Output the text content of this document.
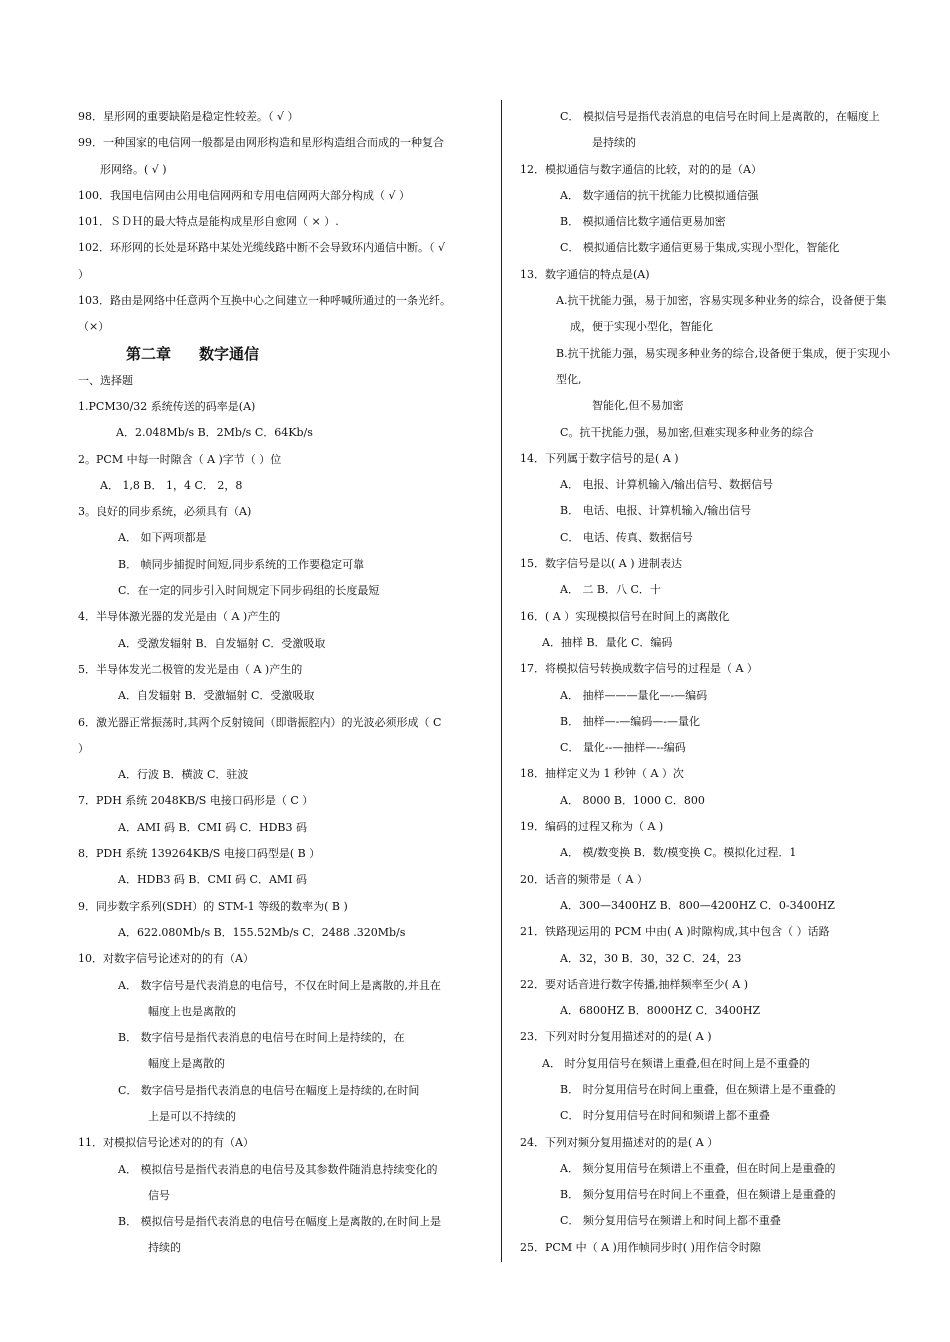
98．星形网的重要缺陷是稳定性较差。（ √ ）
99．一种国家的电信网一般都是由网形构造和星形构造组合而成的一种复合
形网络。( √ )
100．我国电信网由公用电信网两和专用电信网两大部分构成（ √ ）
101．ＳＤＨ的最大特点是能构成星形自愈网（ × ）.
102．环形网的长处是环路中某处光缆线路中断不会导致环内通信中断。（ √
）
103．路由是网络中任意两个互换中心之间建立一种呼喊所通过的一条光纤。
（×）
第二章 数字通信
一、选择题
1.PCM30/32 系统传送的码率是(A)
A．2.048Mb/s B．2Mb/s C．64Kb/s
2。PCM 中每一时隙含（ A )字节（ ）位
A． 1,8 B． 1，4 C． 2，8
3。良好的同步系统，必须具有（A)
A． 如下两项都是
B． 帧同步捕捉时间短,同步系统的工作要稳定可靠
C．在一定的同步引入时间规定下同步码组的长度最短
4．半导体激光器的发光是由（ A )产生的
A．受激发辐射 B．自发辐射 C．受激吸取
5．半导体发光二极管的发光是由（ A )产生的
A．自发辐射 B．受激辐射 C．受激吸取
6．激光器正常振荡时,其两个反射镜间（即谐振腔内）的光波必须形成（ C
）
A．行波 B．横波 C．驻波
7．PDH 系统 2048KB/S 电接口码形是（ C ）
A．AMI 码 B．CMI 码 C．HDB3 码
8．PDH 系统 139264KB/S 电接口码型是( B ）
A．HDB3 码 B．CMI 码 C．AMI 码
9．同步数字系列(SDH）的 STM-1 等级的数率为( B )
A．622.080Mb/s B．155.52Mb/s C．2488 .320Mb/s
10．对数字信号论述对的的有（A）
A． 数字信号是代表消息的电信号，不仅在时间上是离散的,并且在
幅度上也是离散的
B． 数字信号是指代表消息的电信号在时间上是持续的，在
幅度上是离散的
C． 数字信号是指代表消息的电信号在幅度上是持续的,在时间
上是可以不持续的
11．对模拟信号论述对的的有（A）
A． 模拟信号是指代表消息的电信号及其参数件随消息持续变化的
信号
B． 模拟信号是指代表消息的电信号在幅度上是离散的,在时间上是
持续的
C． 模拟信号是指代表消息的电信号在时间上是离散的，在幅度上
是持续的
12．模拟通信与数字通信的比较，对的的是（A）
A． 数字通信的抗干扰能力比模拟通信强
B． 模拟通信比数字通信更易加密
C． 模拟通信比数字通信更易于集成,实现小型化，智能化
13．数字通信的特点是(A)
A.抗干扰能力强，易于加密，容易实现多种业务的综合，设备便于集
成，便于实现小型化，智能化
B.抗干扰能力强，易实现多种业务的综合,设备便于集成，便于实现小
型化,
智能化,但不易加密
C。抗干扰能力强，易加密,但难实现多种业务的综合
14．下列属于数字信号的是( A )
A． 电报、计算机输入/输出信号、数据信号
B． 电话、电报、计算机输入/输出信号
C． 电话、传真、数据信号
15．数字信号是以( A ) 进制表达
A． 二 B．八 C．十
16．( A ）实现模拟信号在时间上的离散化
A．抽样 B．量化 C．编码
17．将模拟信号转换成数字信号的过程是（ A ）
A． 抽样———量化—-—编码
B． 抽样—-—编码—-—量化
C． 量化--—抽样—--编码
18．抽样定义为 1 秒钟（ A ）次
A． 8000 B．1000 C．800
19．编码的过程又称为（ A )
A． 模/数变换 B．数/模变换 C。模拟化过程．1
20．话音的频带是（ A ）
A．300—3400HZ B．800—4200HZ C．0-3400HZ
21．铁路现运用的 PCM 中由( A )时隙构成,其中包含（ ）话路
A．32，30 B．30，32 C．24，23
22．要对话音进行数字传播,抽样频率至少( A )
A．6800HZ B．8000HZ C．3400HZ
23．下列对时分复用描述对的的是( A )
A． 时分复用信号在频谱上重叠,但在时间上是不重叠的
B． 时分复用信号在时间上重叠，但在频谱上是不重叠的
C． 时分复用信号在时间和频谱上都不重叠
24．下列对频分复用描述对的的是( A ）
A． 频分复用信号在频谱上不重叠，但在时间上是重叠的
B． 频分复用信号在时间上不重叠，但在频谱上是重叠的
C． 频分复用信号在频谱上和时间上都不重叠
25．PCM 中（ A )用作帧同步时( )用作信令时隙
